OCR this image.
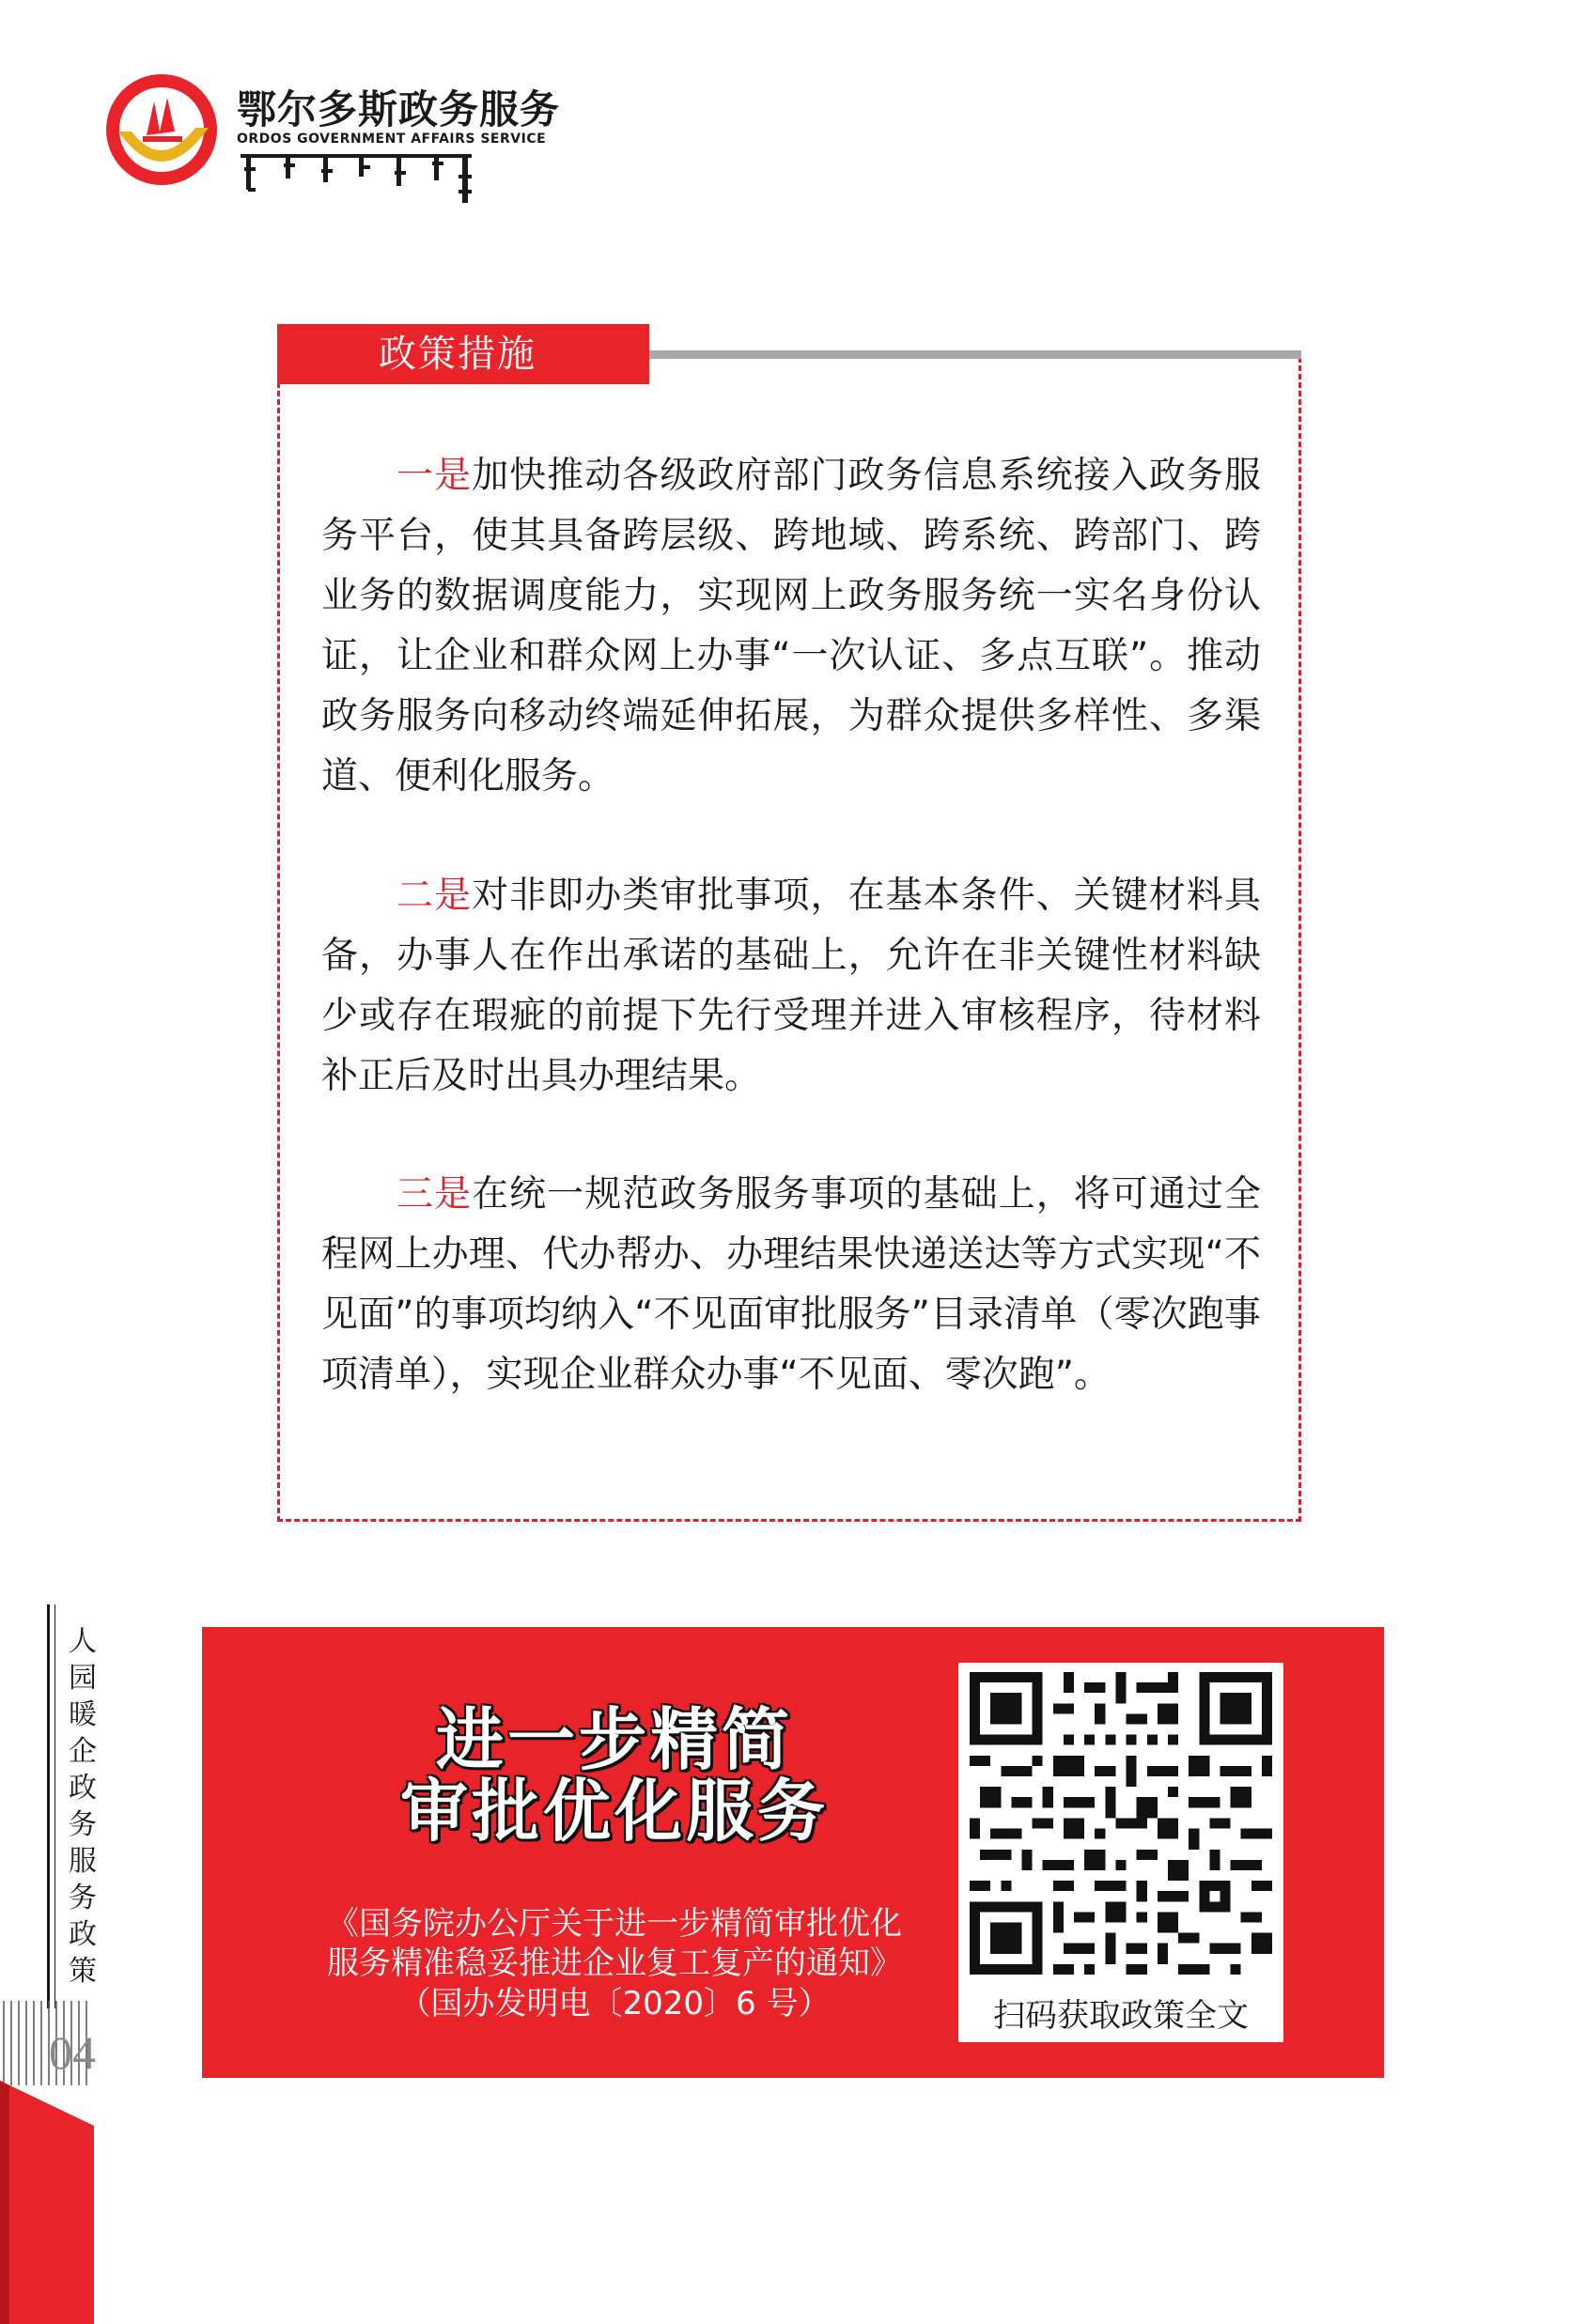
鄂尔多斯政务服务
ORDOS GOVERNMENT AFFAIRS SERVICE
政策措施

一是加快推动各级政府部门政务信息系统接入政务服务平台，使其具备跨层级、跨地域、跨系统、跨部门、跨业务的数据调度能力，实现网上政务服务统一实名身份认证，让企业和群众网上办事“一次认证、多点互联”。推动政务服务向移动终端延伸拓展，为群众提供多样性、多渠道、便利化服务。

二是对非即办类审批事项，在基本条件、关键材料具备，办事人在作出承诺的基础上，允许在非关键性材料缺少或存在瑕疵的前提下先行受理并进入审核程序，待材料补正后及时出具办理结果。

三是在统一规范政务服务事项的基础上，将可通过全程网上办理、代办帮办、办理结果快递送达等方式实现“不见面”的事项均纳入“不见面审批服务”目录清单（零次跑事项清单），实现企业群众办事“不见面、零次跑”。

人园暖企政务服务政策
04
进一步精简
审批优化服务
《国务院办公厅关于进一步精简审批优化
服务精准稳妥推进企业复工复产的通知》
（国办发明电〔2020〕6 号）	扫码获取政策全文
